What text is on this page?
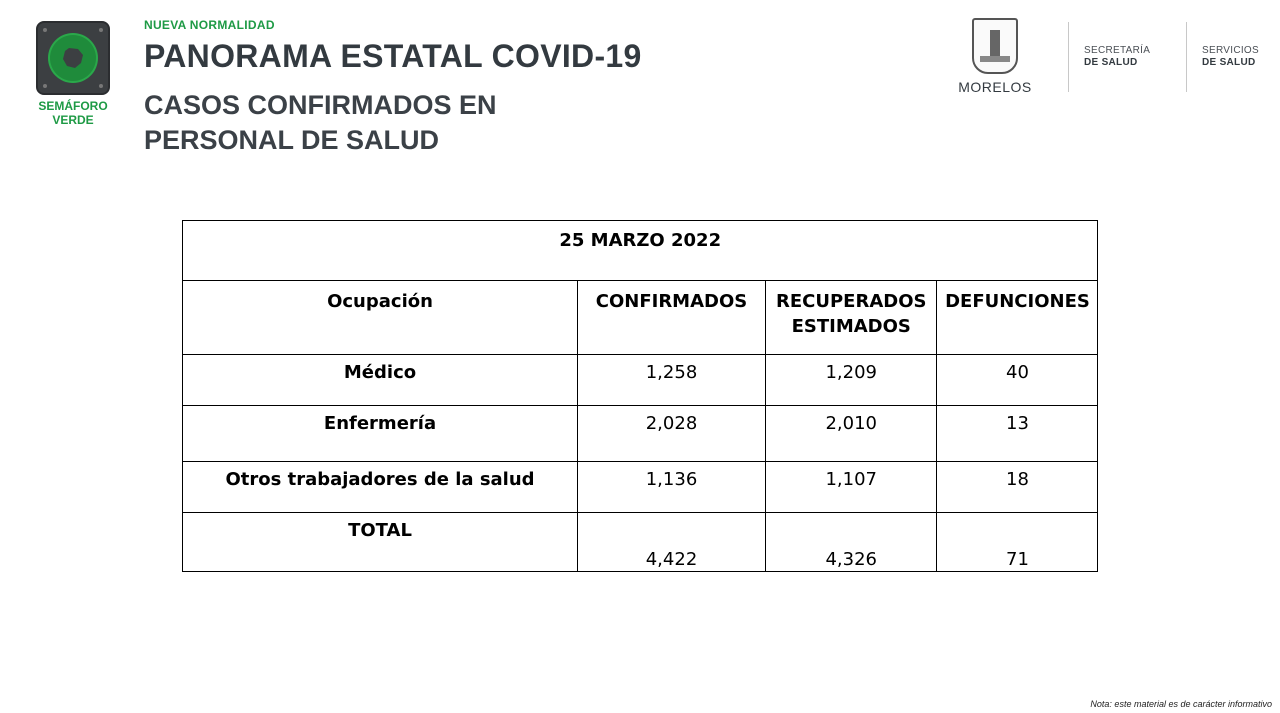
SEMÁFORO
VERDE
NUEVA NORMALIDAD
PANORAMA ESTATAL COVID-19
CASOS CONFIRMADOS EN
PERSONAL DE SALUD
MORELOS
SECRETARÍA
DE SALUD
SERVICIOS
DE SALUD
25 MARZO 2022			
Ocupación	CONFIRMADOS	RECUPERADOS ESTIMADOS	DEFUNCIONES
Médico	1,258	1,209	40
Enfermería	2,028	2,010	13
Otros trabajadores de la salud	1,136	1,107	18
TOTAL	4,422	4,326	71
Nota: este material es de carácter informativo
